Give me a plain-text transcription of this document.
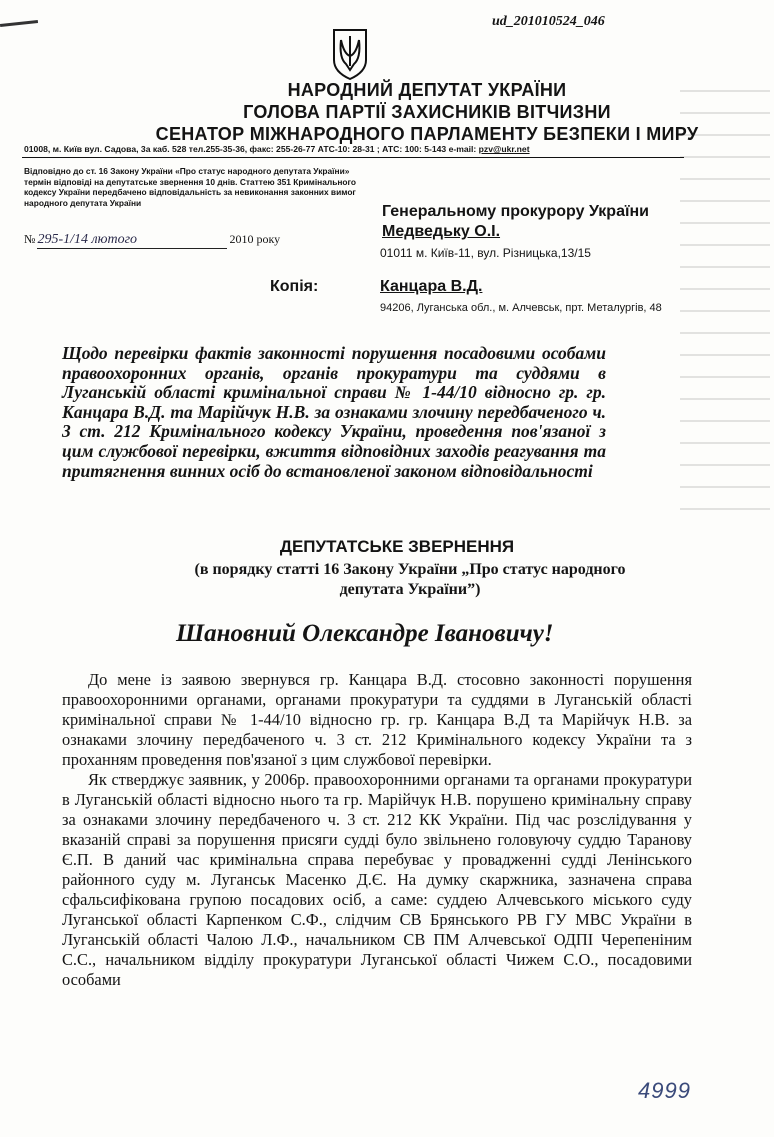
ud_201010524_046
НАРОДНИЙ ДЕПУТАТ УКРАЇНИ
ГОЛОВА ПАРТІЇ ЗАХИСНИКІВ ВІТЧИЗНИ
СЕНАТОР МІЖНАРОДНОГО ПАРЛАМЕНТУ БЕЗПЕКИ І МИРУ
01008, м. Київ вул. Садова, 3а каб. 528 тел.255-35-36, факс: 255-26-77 АТС-10: 28-31 ; АТС: 100: 5-143 e-mail: pzv@ukr.net
Відповідно до ст. 16 Закону України «Про статус народного депутата України» термін відповіді на депутатське звернення 10 днів. Статтею 351 Кримінального кодексу України передбачено відповідальність за невиконання законних вимог народного депутата України
№ 295-1/14 лютого	2010 року
Генеральному прокурору України
Медведьку О.І.
01011 м. Київ-11, вул. Різницька,13/15
Копія:	Канцара В.Д.
94206, Луганська обл., м. Алчевськ, прт. Металургів, 48
Щодо перевірки фактів законності порушення посадовими особами правоохоронних органів, органів прокуратури та суддями в Луганській області кримінальної справи № 1-44/10 відносно гр. гр. Канцара В.Д. та Марійчук Н.В. за ознаками злочину передбаченого ч. 3 ст. 212 Кримінального кодексу України, проведення пов'язаної з цим службової перевірки, вжиття відповідних заходів реагування та притягнення винних осіб до встановленої законом відповідальності
ДЕПУТАТСЬКЕ ЗВЕРНЕННЯ
(в порядку статті 16 Закону України „Про статус народного депутата України”)
Шановний Олександре Івановичу!

До мене із заявою звернувся гр. Канцара В.Д. стосовно законності порушення правоохоронними органами, органами прокуратури та суддями в Луганській області кримінальної справи № 1-44/10 відносно гр. гр. Канцара В.Д та Марійчук Н.В. за ознаками злочину передбаченого ч. 3 ст. 212 Кримінального кодексу України та з проханням проведення пов'язаної з цим службової перевірки.

Як стверджує заявник, у 2006р. правоохоронними органами та органами прокуратури в Луганській області відносно нього та гр. Марійчук Н.В. порушено кримінальну справу за ознаками злочину передбаченого ч. 3 ст. 212 КК України. Під час розслідування у вказаній справі за порушення присяги судді було звільнено головуючу суддю Таранову Є.П. В даний час кримінальна справа перебуває у провадженні судді Ленінського районного суду м. Луганськ Масенко Д.Є. На думку скаржника, зазначена справа сфальсифікована групою посадових осіб, а саме: суддею Алчевського міського суду Луганської області Карпенком С.Ф., слідчим СВ Брянського РВ ГУ МВС України в Луганській області Чалою Л.Ф., начальником СВ ПМ Алчевської ОДПІ Черепеніним С.С., начальником відділу прокуратури Луганської області Чижем С.О., посадовими особами

4999
